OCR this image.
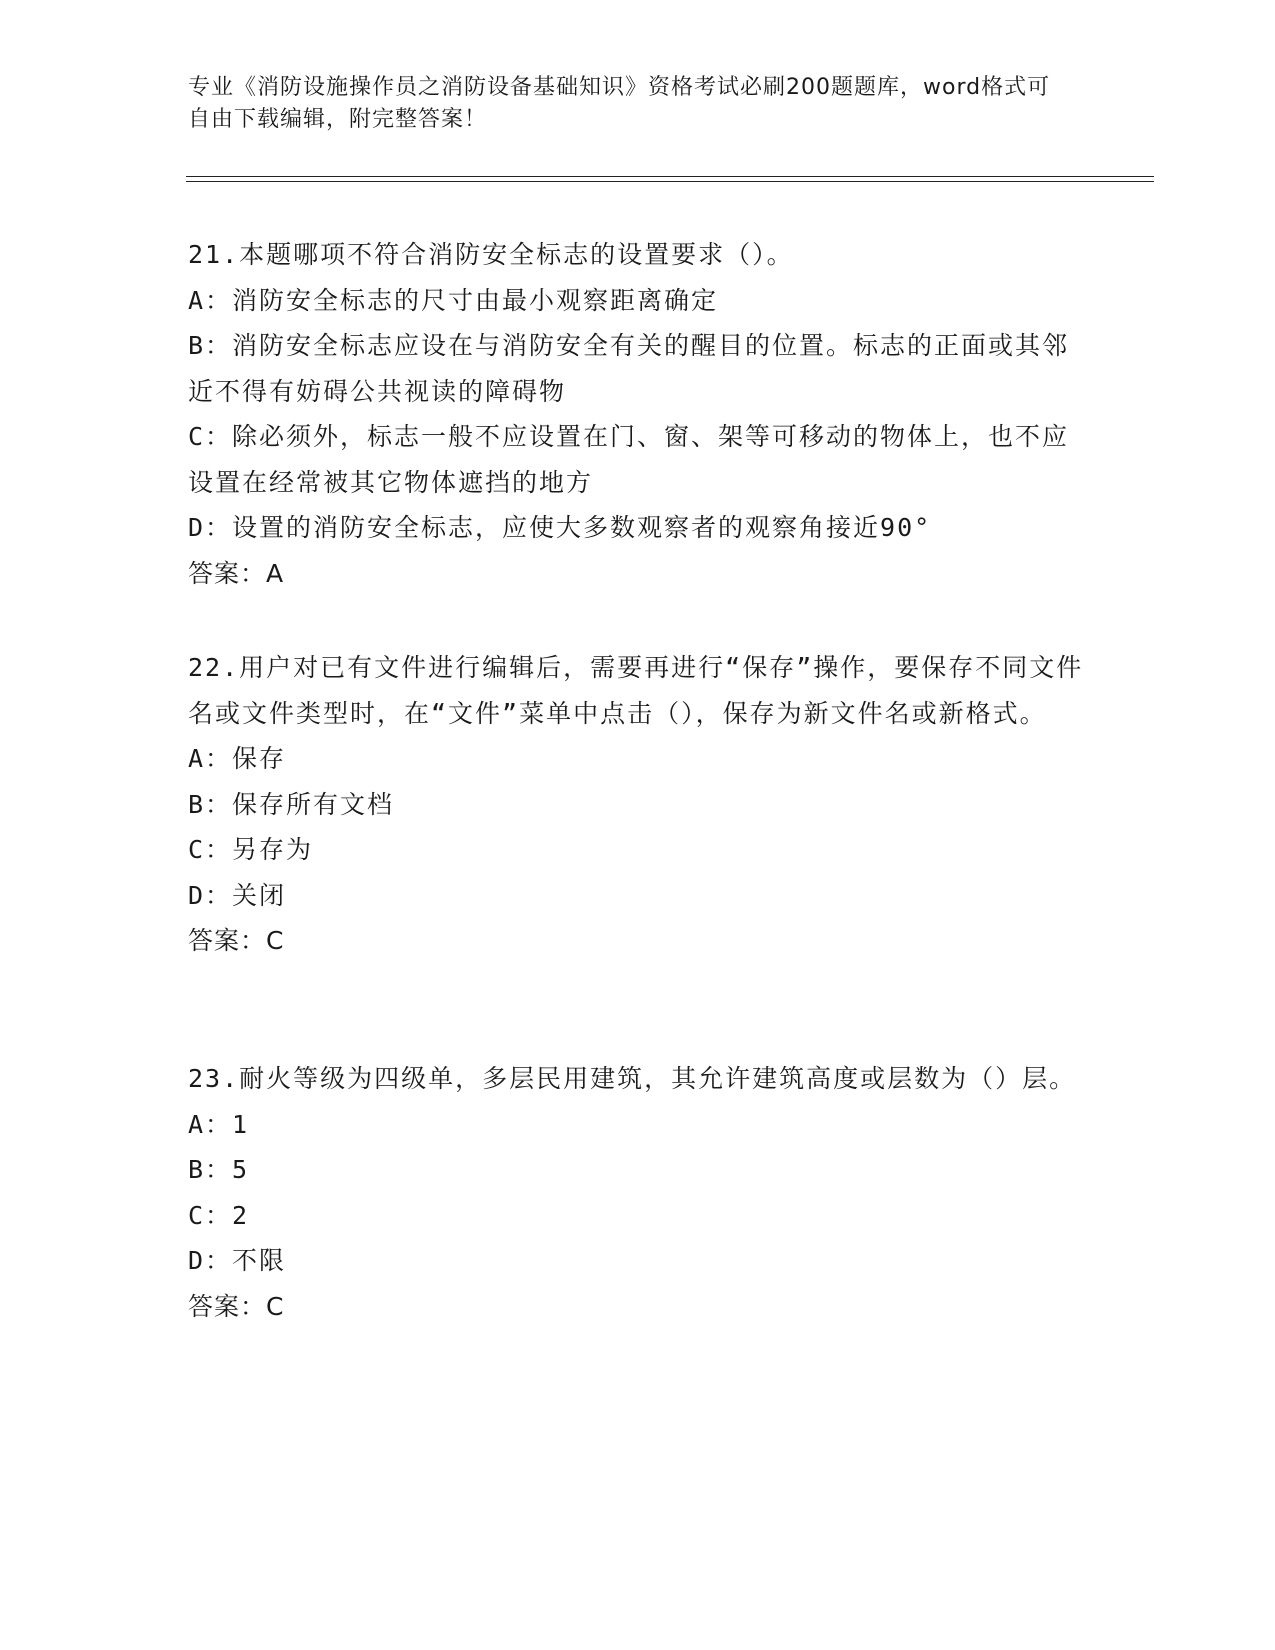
专业《消防设施操作员之消防设备基础知识》资格考试必刷200题题库，word格式可自由下载编辑，附完整答案！
21.本题哪项不符合消防安全标志的设置要求（）。
A：消防安全标志的尺寸由最小观察距离确定
B：消防安全标志应设在与消防安全有关的醒目的位置。标志的正面或其邻近不得有妨碍公共视读的障碍物
C：除必须外，标志一般不应设置在门、窗、架等可移动的物体上，也不应设置在经常被其它物体遮挡的地方
D：设置的消防安全标志，应使大多数观察者的观察角接近90°
答案：A
22.用户对已有文件进行编辑后，需要再进行“保存”操作，要保存不同文件名或文件类型时，在“文件”菜单中点击（），保存为新文件名或新格式。
A：保存
B：保存所有文档
C：另存为
D：关闭
答案：C
23.耐火等级为四级单，多层民用建筑，其允许建筑高度或层数为（）层。
A：1
B：5
C：2
D：不限
答案：C
